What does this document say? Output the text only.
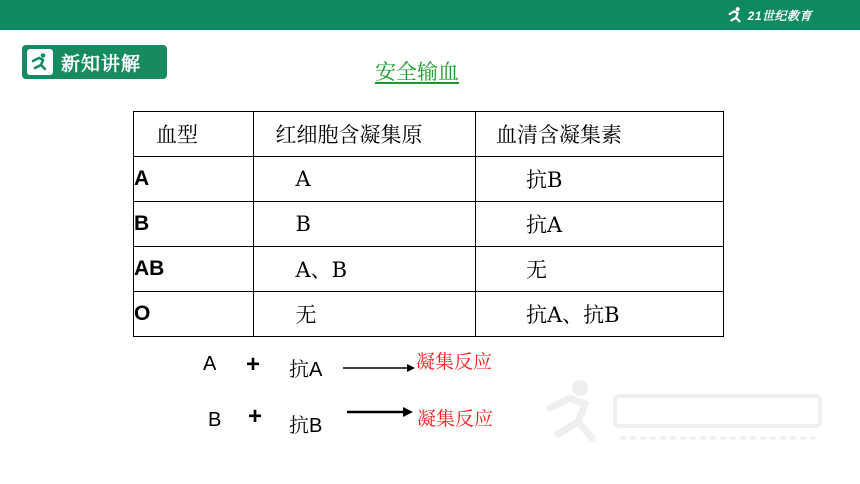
21世纪教育
新知讲解	安全输血
血型	红细胞含凝集原	血清含凝集素
A	A	抗B
B	B	抗A
AB	A、B	无
O	无	抗A、抗B
A + 抗A	凝集反应
B + 抗B	凝集反应
